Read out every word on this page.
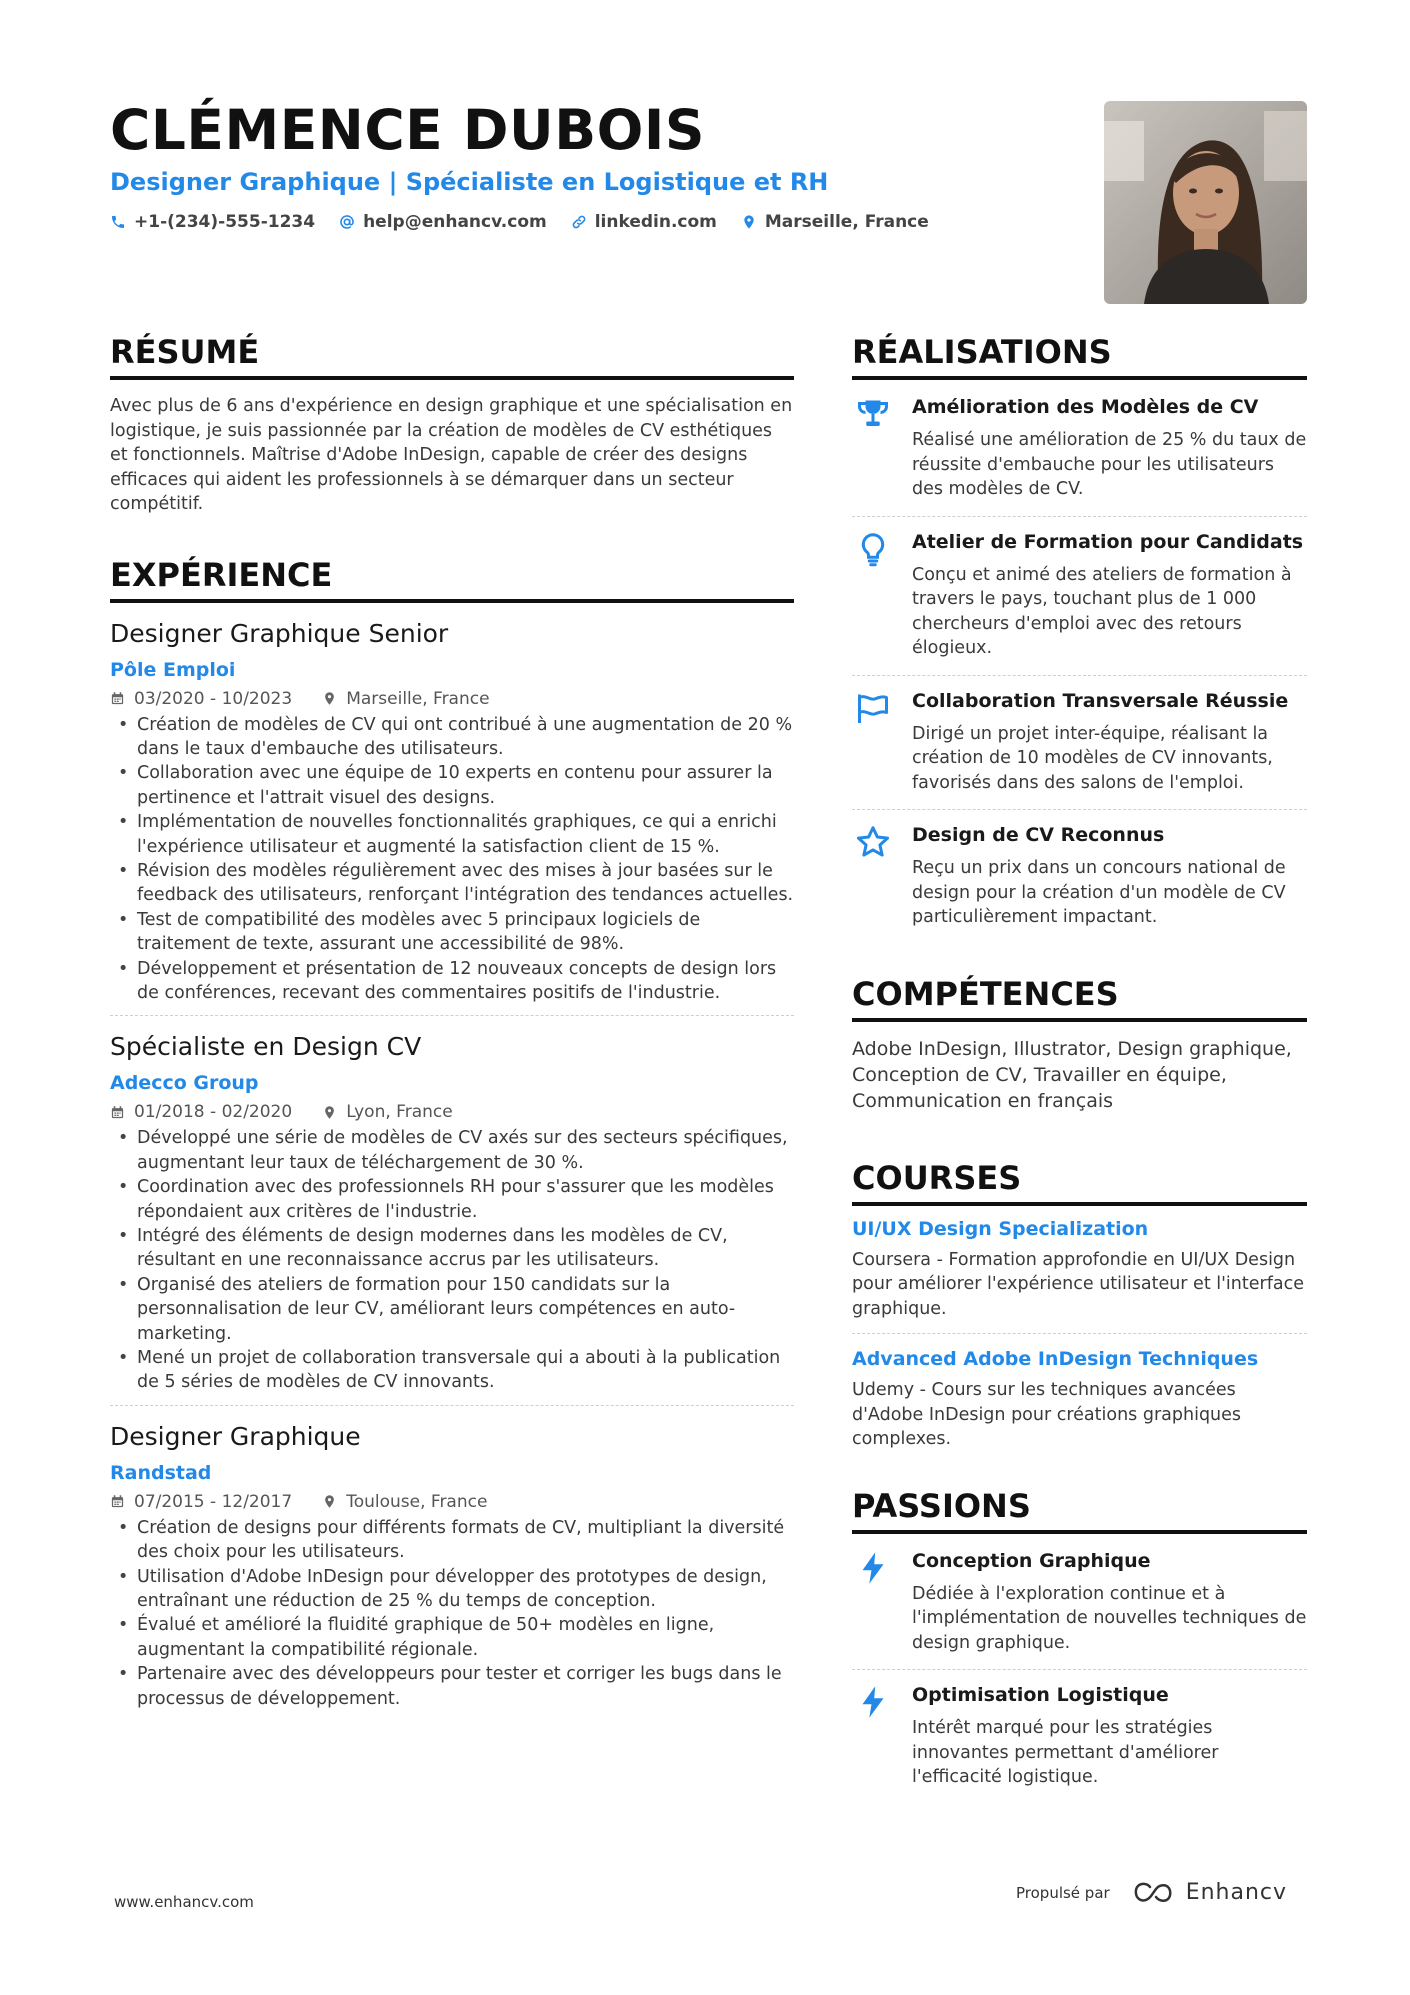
CLÉMENCE DUBOIS
Designer Graphique | Spécialiste en Logistique et RH
+1-(234)-555-1234	help@enhancv.com	linkedin.com	Marseille, France
RÉSUMÉ
Avec plus de 6 ans d'expérience en design graphique et une spécialisation en logistique, je suis passionnée par la création de modèles de CV esthétiques et fonctionnels. Maîtrise d'Adobe InDesign, capable de créer des designs efficaces qui aident les professionnels à se démarquer dans un secteur compétitif.
EXPÉRIENCE
Designer Graphique Senior
Pôle Emploi
03/2020 - 10/2023	Marseille, France
• Création de modèles de CV qui ont contribué à une augmentation de 20 % dans le taux d'embauche des utilisateurs.
• Collaboration avec une équipe de 10 experts en contenu pour assurer la pertinence et l'attrait visuel des designs.
• Implémentation de nouvelles fonctionnalités graphiques, ce qui a enrichi l'expérience utilisateur et augmenté la satisfaction client de 15 %.
• Révision des modèles régulièrement avec des mises à jour basées sur le feedback des utilisateurs, renforçant l'intégration des tendances actuelles.
• Test de compatibilité des modèles avec 5 principaux logiciels de traitement de texte, assurant une accessibilité de 98%.
• Développement et présentation de 12 nouveaux concepts de design lors de conférences, recevant des commentaires positifs de l'industrie.
Spécialiste en Design CV
Adecco Group
01/2018 - 02/2020	Lyon, France
• Développé une série de modèles de CV axés sur des secteurs spécifiques, augmentant leur taux de téléchargement de 30 %.
• Coordination avec des professionnels RH pour s'assurer que les modèles répondaient aux critères de l'industrie.
• Intégré des éléments de design modernes dans les modèles de CV, résultant en une reconnaissance accrus par les utilisateurs.
• Organisé des ateliers de formation pour 150 candidats sur la personnalisation de leur CV, améliorant leurs compétences en auto-marketing.
• Mené un projet de collaboration transversale qui a abouti à la publication de 5 séries de modèles de CV innovants.
Designer Graphique
Randstad
07/2015 - 12/2017	Toulouse, France
• Création de designs pour différents formats de CV, multipliant la diversité des choix pour les utilisateurs.
• Utilisation d'Adobe InDesign pour développer des prototypes de design, entraînant une réduction de 25 % du temps de conception.
• Évalué et amélioré la fluidité graphique de 50+ modèles en ligne, augmentant la compatibilité régionale.
• Partenaire avec des développeurs pour tester et corriger les bugs dans le processus de développement.
RÉALISATIONS
Amélioration des Modèles de CV
Réalisé une amélioration de 25 % du taux de réussite d'embauche pour les utilisateurs des modèles de CV.
Atelier de Formation pour Candidats
Conçu et animé des ateliers de formation à travers le pays, touchant plus de 1 000 chercheurs d'emploi avec des retours élogieux.
Collaboration Transversale Réussie
Dirigé un projet inter-équipe, réalisant la création de 10 modèles de CV innovants, favorisés dans des salons de l'emploi.
Design de CV Reconnus
Reçu un prix dans un concours national de design pour la création d'un modèle de CV particulièrement impactant.
COMPÉTENCES
Adobe InDesign, Illustrator, Design graphique, Conception de CV, Travailler en équipe, Communication en français
COURSES
UI/UX Design Specialization
Coursera - Formation approfondie en UI/UX Design pour améliorer l'expérience utilisateur et l'interface graphique.
Advanced Adobe InDesign Techniques
Udemy - Cours sur les techniques avancées d'Adobe InDesign pour créations graphiques complexes.
PASSIONS
Conception Graphique
Dédiée à l'exploration continue et à l'implémentation de nouvelles techniques de design graphique.
Optimisation Logistique
Intérêt marqué pour les stratégies innovantes permettant d'améliorer l'efficacité logistique.
www.enhancv.com
Propulsé par	Enhancv
